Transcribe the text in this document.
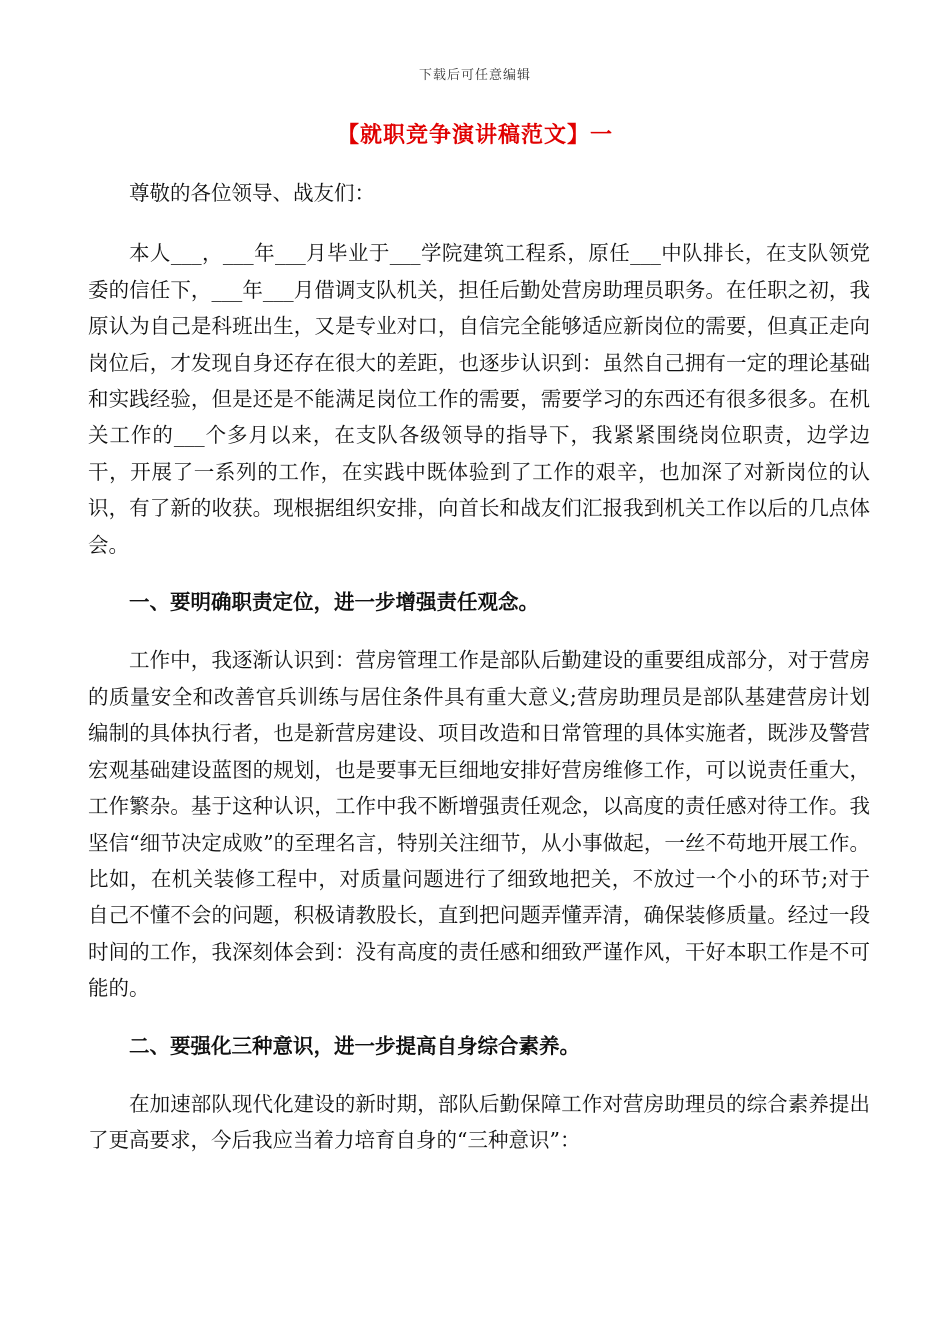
下载后可任意编辑
【就职竞争演讲稿范文】一

尊敬的各位领导、战友们：

本人___，___年___月毕业于___学院建筑工程系，原任___中队排长，在支队领党委的信任下，___年___月借调支队机关，担任后勤处营房助理员职务。在任职之初，我原认为自己是科班出生，又是专业对口，自信完全能够适应新岗位的需要，但真正走向岗位后，才发现自身还存在很大的差距，也逐步认识到：虽然自己拥有一定的理论基础和实践经验，但是还是不能满足岗位工作的需要，需要学习的东西还有很多很多。在机关工作的___个多月以来，在支队各级领导的指导下，我紧紧围绕岗位职责，边学边干，开展了一系列的工作，在实践中既体验到了工作的艰辛，也加深了对新岗位的认识，有了新的收获。现根据组织安排，向首长和战友们汇报我到机关工作以后的几点体会。

一、要明确职责定位，进一步增强责任观念。

工作中，我逐渐认识到：营房管理工作是部队后勤建设的重要组成部分，对于营房的质量安全和改善官兵训练与居住条件具有重大意义;营房助理员是部队基建营房计划编制的具体执行者，也是新营房建设、项目改造和日常管理的具体实施者，既涉及警营宏观基础建设蓝图的规划，也是要事无巨细地安排好营房维修工作，可以说责任重大，工作繁杂。基于这种认识，工作中我不断增强责任观念，以高度的责任感对待工作。我坚信“细节决定成败”的至理名言，特别关注细节，从小事做起，一丝不苟地开展工作。比如，在机关装修工程中，对质量问题进行了细致地把关，不放过一个小的环节;对于自己不懂不会的问题，积极请教股长，直到把问题弄懂弄清，确保装修质量。经过一段时间的工作，我深刻体会到：没有高度的责任感和细致严谨作风，干好本职工作是不可能的。

二、要强化三种意识，进一步提高自身综合素养。

在加速部队现代化建设的新时期，部队后勤保障工作对营房助理员的综合素养提出了更高要求，今后我应当着力培育自身的“三种意识”：
